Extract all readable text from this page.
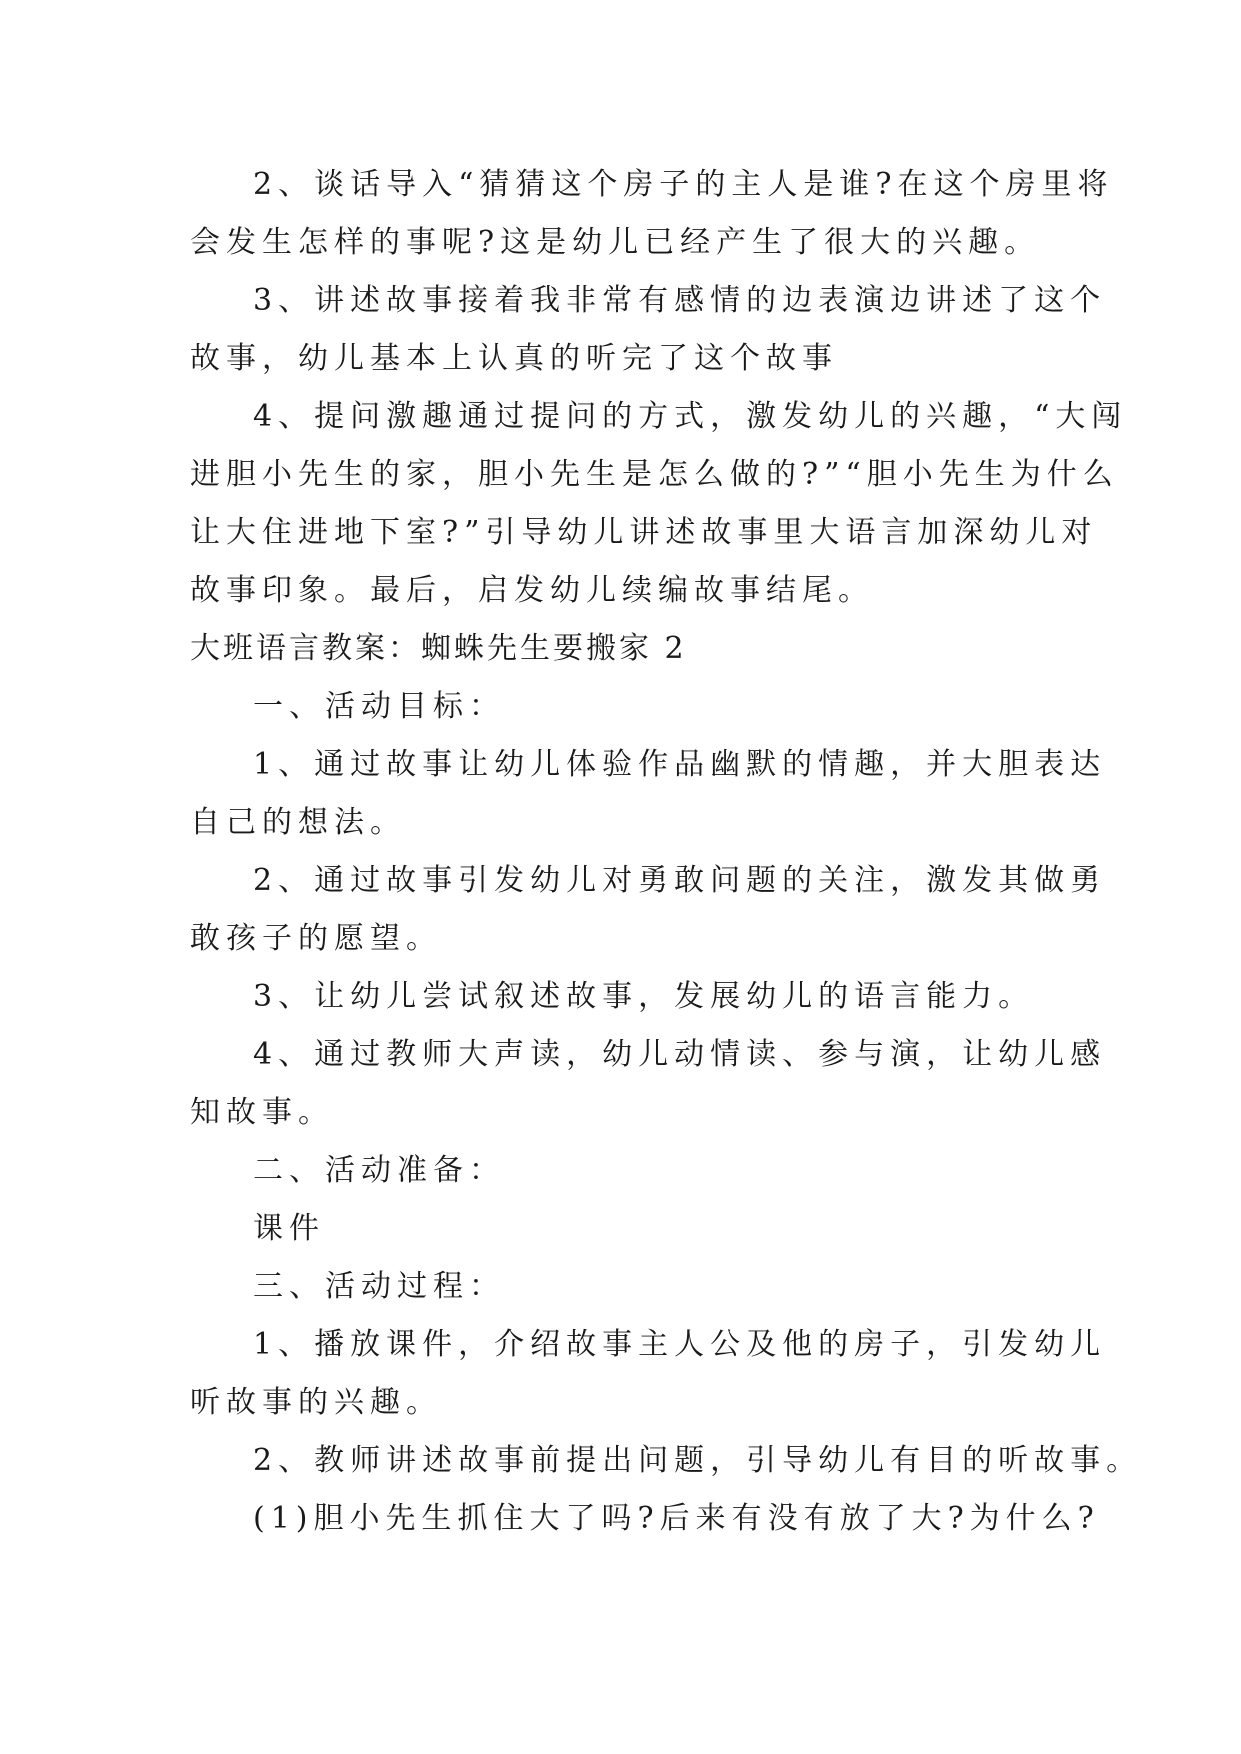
2、谈话导入“猜猜这个房子的主人是谁?在这个房里将
会发生怎样的事呢?这是幼儿已经产生了很大的兴趣。
3、讲述故事接着我非常有感情的边表演边讲述了这个
故事，幼儿基本上认真的听完了这个故事
4、提问激趣通过提问的方式，激发幼儿的兴趣，“大闯
进胆小先生的家，胆小先生是怎么做的?”“胆小先生为什么
让大住进地下室?”引导幼儿讲述故事里大语言加深幼儿对
故事印象。最后，启发幼儿续编故事结尾。
大班语言教案：蜘蛛先生要搬家 2
一、活动目标：
1、通过故事让幼儿体验作品幽默的情趣，并大胆表达
自己的想法。
2、通过故事引发幼儿对勇敢问题的关注，激发其做勇
敢孩子的愿望。
3、让幼儿尝试叙述故事，发展幼儿的语言能力。
4、通过教师大声读，幼儿动情读、参与演，让幼儿感
知故事。
二、活动准备：
课件
三、活动过程：
1、播放课件，介绍故事主人公及他的房子，引发幼儿
听故事的兴趣。
2、教师讲述故事前提出问题，引导幼儿有目的听故事。
(1)胆小先生抓住大了吗?后来有没有放了大?为什么?
